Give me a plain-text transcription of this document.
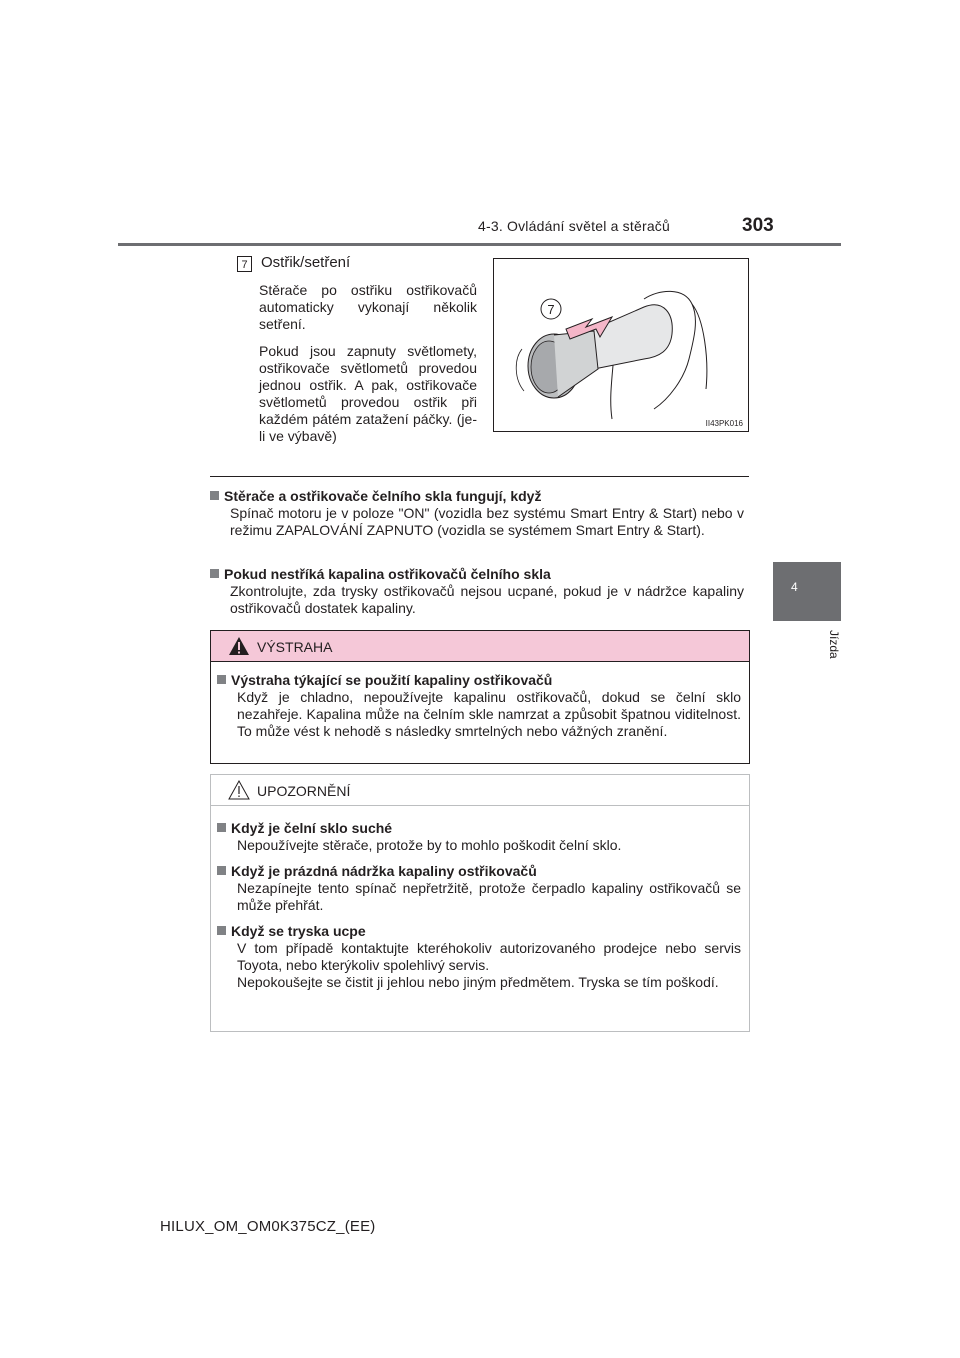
4-3. Ovládání světel a stěračů	303
4
Jízda
7 Ostřik/setření

Stěrače po ostřiku ostřikovačů automaticky vykonají několik setření.

Pokud jsou zapnuty světlomety, ostřikovače světlometů provedou jednou ostřik. A pak, ostřikovače světlometů provedou ostřik při každém pátém zatažení páčky. (je-li ve výbavě)

7
II43PK016
Stěrače a ostřikovače čelního skla fungují, když
Spínač motoru je v poloze "ON" (vozidla bez systému Smart Entry & Start) nebo v režimu ZAPALOVÁNÍ ZAPNUTO (vozidla se systémem Smart Entry & Start).
Pokud nestříká kapalina ostřikovačů čelního skla
Zkontrolujte, zda trysky ostřikovačů nejsou ucpané, pokud je v nádržce kapaliny ostřikovačů dostatek kapaliny.
VÝSTRAHA
Výstraha týkající se použití kapaliny ostřikovačů
Když je chladno, nepoužívejte kapalinu ostřikovačů, dokud se čelní sklo nezahřeje. Kapalina může na čelním skle namrzat a způsobit špatnou viditelnost. To může vést k nehodě s následky smrtelných nebo vážných zranění.
UPOZORNĚNÍ
Když je čelní sklo suché
Nepoužívejte stěrače, protože by to mohlo poškodit čelní sklo.
Když je prázdná nádržka kapaliny ostřikovačů
Nezapínejte tento spínač nepřetržitě, protože čerpadlo kapaliny ostřikovačů se může přehřát.
Když se tryska ucpe
V tom případě kontaktujte kteréhokoliv autorizovaného prodejce nebo servis Toyota, nebo kterýkoliv spolehlivý servis.
Nepokoušejte se čistit ji jehlou nebo jiným předmětem. Tryska se tím poškodí.
HILUX_OM_OM0K375CZ_(EE)
